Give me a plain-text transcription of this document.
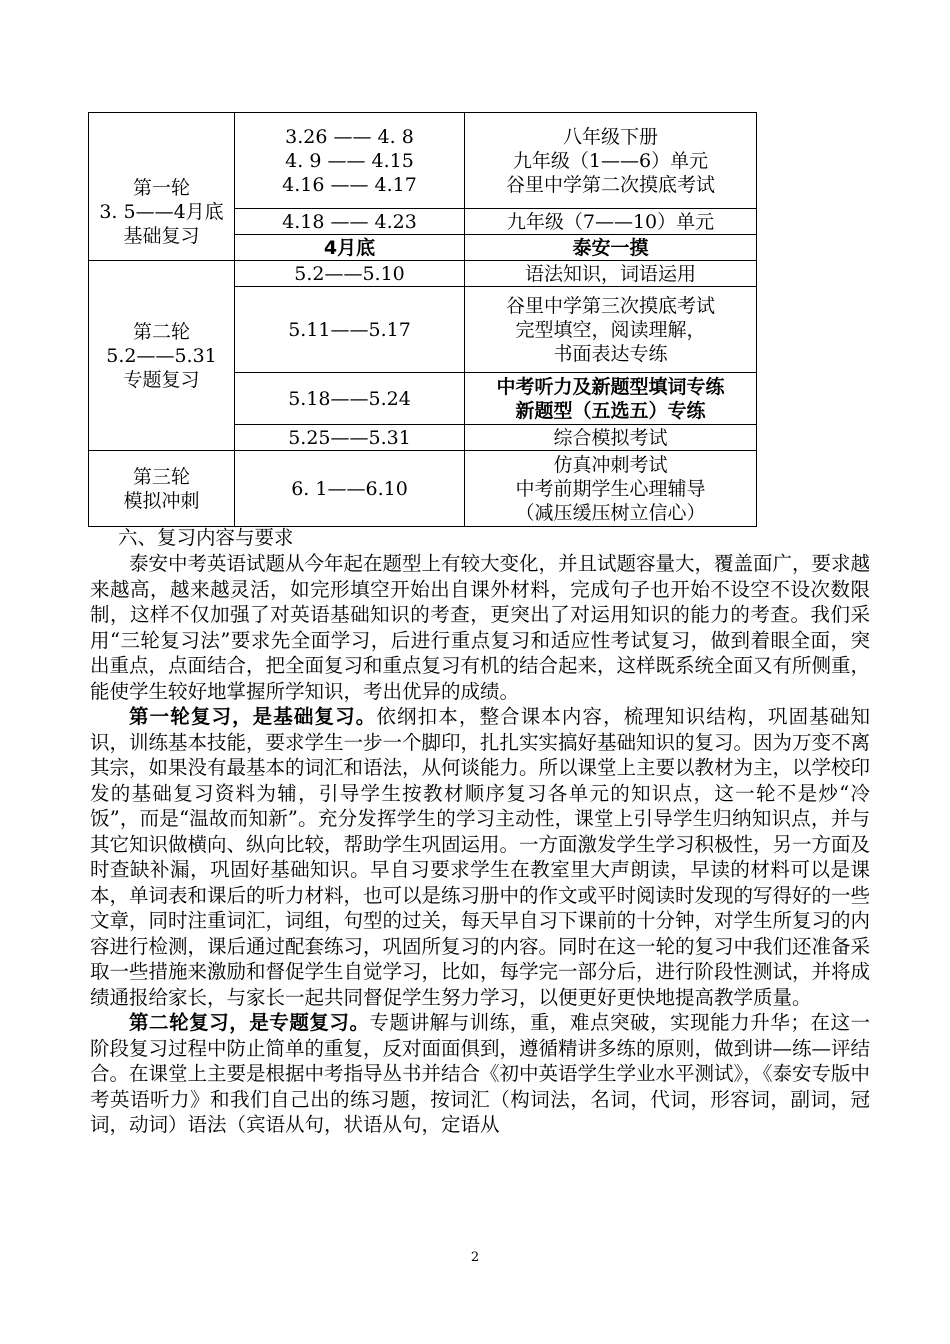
第一轮
3. 5——4月底
基础复习	3.26 —— 4. 8
4. 9 —— 4.15
4.16 —— 4.17	八年级下册
九年级（1——6）单元
谷里中学第二次摸底考试

	4.18 —— 4.23	九年级（7——10）单元

	4月底	泰安一摸

第二轮
5.2——5.31
专题复习	5.2——5.10	语法知识，词语运用

	5.11——5.17	谷里中学第三次摸底考试
完型填空，阅读理解，
书面表达专练

	5.18——5.24	中考听力及新题型填词专练
新题型（五选五）专练

	5.25——5.31	综合模拟考试

第三轮
模拟冲刺	6. 1——6.10	仿真冲刺考试
中考前期学生心理辅导
（减压缓压树立信心）
六、复习内容与要求

泰安中考英语试题从今年起在题型上有较大变化，并且试题容量大，覆盖面广，要求越来越高，越来越灵活，如完形填空开始出自课外材料，完成句子也开始不设空不设次数限制，这样不仅加强了对英语基础知识的考查，更突出了对运用知识的能力的考查。我们采用“三轮复习法”要求先全面学习，后进行重点复习和适应性考试复习，做到着眼全面，突出重点，点面结合，把全面复习和重点复习有机的结合起来，这样既系统全面又有所侧重，能使学生较好地掌握所学知识，考出优异的成绩。

第一轮复习，是基础复习。依纲扣本，整合课本内容，梳理知识结构，巩固基础知识，训练基本技能，要求学生一步一个脚印，扎扎实实搞好基础知识的复习。因为万变不离其宗，如果没有最基本的词汇和语法，从何谈能力。所以课堂上主要以教材为主，以学校印发的基础复习资料为辅，引导学生按教材顺序复习各单元的知识点，这一轮不是炒“冷饭”，而是“温故而知新”。充分发挥学生的学习主动性，课堂上引导学生归纳知识点，并与其它知识做横向、纵向比较，帮助学生巩固运用。一方面激发学生学习积极性，另一方面及时查缺补漏，巩固好基础知识。早自习要求学生在教室里大声朗读，早读的材料可以是课本，单词表和课后的听力材料，也可以是练习册中的作文或平时阅读时发现的写得好的一些文章，同时注重词汇，词组，句型的过关，每天早自习下课前的十分钟，对学生所复习的内容进行检测，课后通过配套练习，巩固所复习的内容。同时在这一轮的复习中我们还准备采取一些措施来激励和督促学生自觉学习，比如，每学完一部分后，进行阶段性测试，并将成绩通报给家长，与家长一起共同督促学生努力学习，以便更好更快地提高教学质量。

第二轮复习，是专题复习。专题讲解与训练，重，难点突破，实现能力升华；在这一阶段复习过程中防止简单的重复，反对面面俱到，遵循精讲多练的原则，做到讲—练—评结合。在课堂上主要是根据中考指导丛书并结合《初中英语学生学业水平测试》，《泰安专版中考英语听力》和我们自己出的练习题，按词汇（构词法，名词，代词，形容词，副词，冠词，动词）语法（宾语从句，状语从句，定语从

2
